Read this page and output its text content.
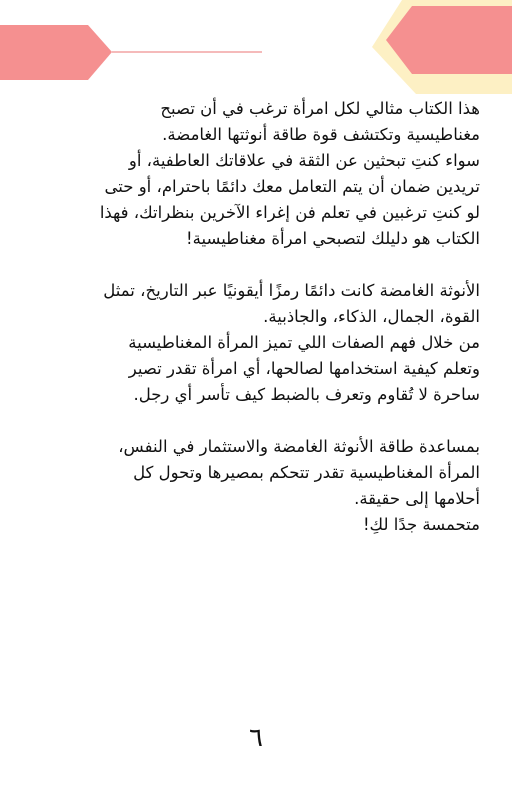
هذا الكتاب مثالي لكل امرأة ترغب في أن تصبح
مغناطيسية وتكتشف قوة طاقة أنوثتها الغامضة.
سواء كنتِ تبحثين عن الثقة في علاقاتك العاطفية، أو
تريدين ضمان أن يتم التعامل معك دائمًا باحترام، أو حتى
لو كنتِ ترغبين في تعلم فن إغراء الآخرين بنظراتك، فهذا
الكتاب هو دليلك لتصبحي امرأة مغناطيسية!
الأنوثة الغامضة كانت دائمًا رمزًا أيقونيًا عبر التاريخ، تمثل
القوة، الجمال، الذكاء، والجاذبية.
من خلال فهم الصفات اللي تميز المرأة المغناطيسية
وتعلم كيفية استخدامها لصالحها، أي امرأة تقدر تصير
ساحرة لا تُقاوم وتعرف بالضبط كيف تأسر أي رجل.
بمساعدة طاقة الأنوثة الغامضة والاستثمار في النفس،
المرأة المغناطيسية تقدر تتحكم بمصيرها وتحول كل
أحلامها إلى حقيقة.
متحمسة جدًا لكِ!
٦
